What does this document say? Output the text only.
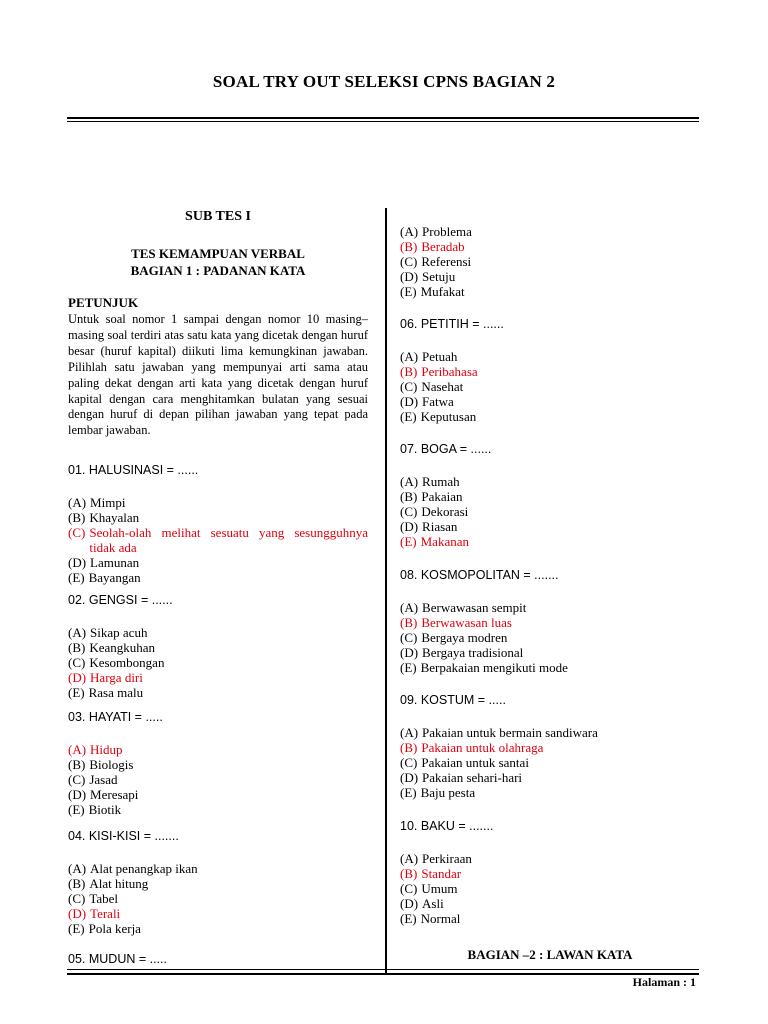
SOAL TRY OUT SELEKSI CPNS BAGIAN 2
SUB TES I
TES KEMAMPUAN VERBAL
BAGIAN 1 : PADANAN KATA
PETUNJUK

Untuk soal nomor 1 sampai dengan nomor 10 masing–masing soal terdiri atas satu kata yang dicetak dengan huruf besar (huruf kapital) diikuti lima kemungkinan jawaban. Pilihlah satu jawaban yang mempunyai arti sama atau paling dekat dengan arti kata yang dicetak dengan huruf kapital dengan cara menghitamkan bulatan yang sesuai dengan huruf di depan pilihan jawaban yang tepat pada lembar jawaban.

01. HALUSINASI = ......
(A) Mimpi
(B) Khayalan
(C) Seolah-olah melihat sesuatu yang sesungguhnya tidak ada
(D) Lamunan
(E) Bayangan
02. GENGSI = ......
(A) Sikap acuh
(B) Keangkuhan
(C) Kesombongan
(D) Harga diri
(E) Rasa malu
03. HAYATI = .....
(A) Hidup
(B) Biologis
(C) Jasad
(D) Meresapi
(E) Biotik
04. KISI-KISI = .......
(A) Alat penangkap ikan
(B) Alat hitung
(C) Tabel
(D) Terali
(E) Pola kerja
05. MUDUN = .....
(A) Problema
(B) Beradab
(C) Referensi
(D) Setuju
(E) Mufakat
06. PETITIH = ......
(A) Petuah
(B) Peribahasa
(C) Nasehat
(D) Fatwa
(E) Keputusan
07. BOGA = ......
(A) Rumah
(B) Pakaian
(C) Dekorasi
(D) Riasan
(E) Makanan
08. KOSMOPOLITAN = .......
(A) Berwawasan sempit
(B) Berwawasan luas
(C) Bergaya modren
(D) Bergaya tradisional
(E) Berpakaian mengikuti mode
09. KOSTUM = .....
(A) Pakaian untuk bermain sandiwara
(B) Pakaian untuk olahraga
(C) Pakaian untuk santai
(D) Pakaian sehari-hari
(E) Baju pesta
10. BAKU = .......
(A) Perkiraan
(B) Standar
(C) Umum
(D) Asli
(E) Normal
BAGIAN –2 : LAWAN KATA
Halaman : 1
